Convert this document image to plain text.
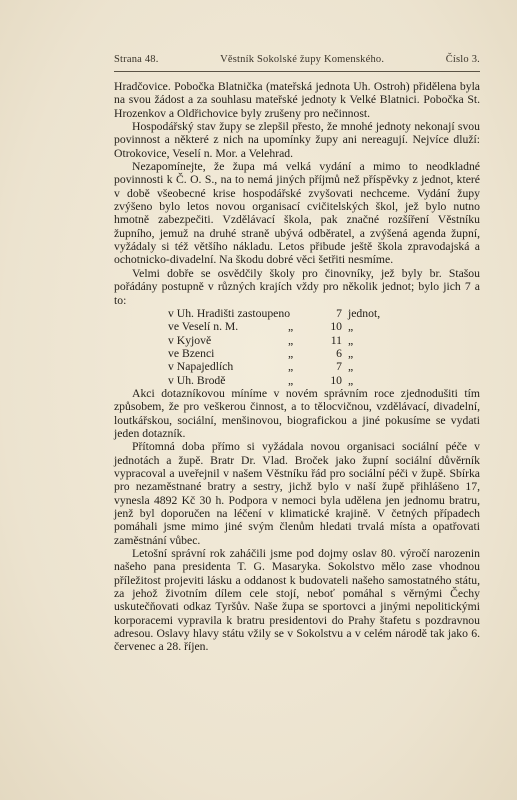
Strana 48.	Věstník Sokolské župy Komenského.	Číslo 3.

Hradčovice. Pobočka Blatnička (mateřská jednota Uh. Ostroh) přidělena byla na svou žádost a za souhlasu mateřské jednoty k Velké Blatnici. Pobočka St. Hrozenkov a Oldřichovice byly zrušeny pro nečinnost.

Hospodářský stav župy se zlepšil přesto, že mnohé jednoty nekonají svou povinnost a některé z nich na upomínky župy ani nereagují. Nejvíce dluží: Otrokovice, Veselí n. Mor. a Velehrad.

Nezapomínejte, že župa má velká vydání a mimo to neodkladné povinnosti k Č. O. S., na to nemá jiných příjmů než příspěvky z jednot, které v době všeobecné krise hospodářské zvyšovati nechceme. Vydání župy zvýšeno bylo letos novou organisací cvičitelských škol, jež bylo nutno hmotně zabezpečiti. Vzdělávací škola, pak značné rozšíření Věstníku župního, jemuž na druhé straně ubývá odběratel, a zvýšená agenda župní, vyžádaly si též většího nákladu. Letos přibude ještě škola zpravodajská a ochotnicko-divadelní. Na škodu dobré věci šetřiti nesmíme.

Velmi dobře se osvědčily školy pro činovníky, jež byly br. Stašou pořádány postupně v různých krajích vždy pro několik jednot; bylo jich 7 a to:

v Uh. Hradišti zastoupeno	7 jednot,
ve Veselí n. M.	„	10 „
v Kyjově	„	11 „
ve Bzenci	„	6 „
v Napajedlích	„	7 „
v Uh. Brodě	„	10 „

Akci dotazníkovou míníme v novém správním roce zjednodušiti tím způsobem, že pro veškerou činnost, a to tělocvičnou, vzdělávací, divadelní, loutkářskou, sociální, menšinovou, biografickou a jiné pokusíme se vydati jeden dotazník.

Přítomná doba přímo si vyžádala novou organisaci sociální péče v jednotách a župě. Bratr Dr. Vlad. Broček jako župní sociální důvěrník vypracoval a uveřejnil v našem Věstníku řád pro sociální péči v župě. Sbírka pro nezaměstnané bratry a sestry, jichž bylo v naší župě přihlášeno 17, vynesla 4892 Kč 30 h. Podpora v nemoci byla udělena jen jednomu bratru, jenž byl doporučen na léčení v klimatické krajině. V četných případech pomáhali jsme mimo jiné svým členům hledati trvalá místa a opatřovati zaměstnání vůbec.

Letošní správní rok zaháčili jsme pod dojmy oslav 80. výročí narozenin našeho pana presidenta T. G. Masaryka. Sokolstvo mělo zase vhodnou příležitost projeviti lásku a oddanost k budovateli našeho samostatného státu, za jehož životním dílem cele stojí, neboť pomáhal s věrnými Čechy uskutečňovati odkaz Tyršův. Naše župa se sportovci a jinými nepolitickými korporacemi vypravila k bratru presidentovi do Prahy štafetu s pozdravnou adresou. Oslavy hlavy státu vžily se v Sokolstvu a v celém národě tak jako 6. červenec a 28. říjen.
